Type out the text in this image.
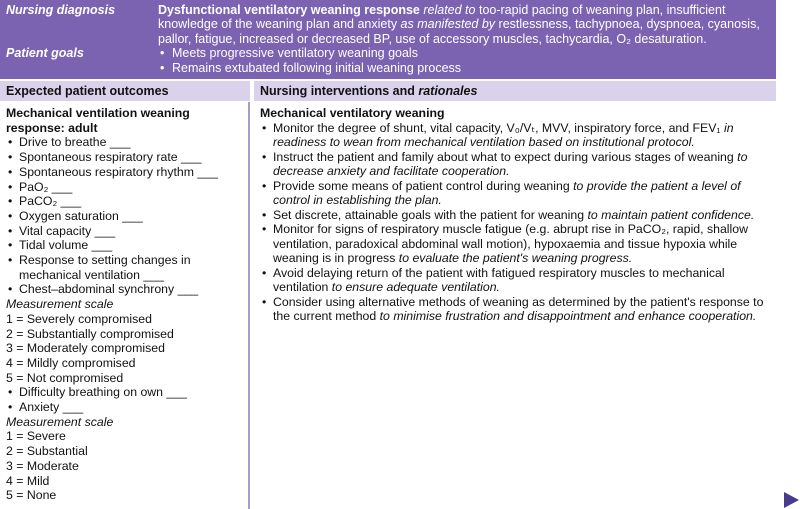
Nursing diagnosis	Dysfunctional ventilatory weaning response related to too-rapid pacing of weaning plan, insufficient knowledge of the weaning plan and anxiety as manifested by restlessness, tachypnoea, dyspnoea, cyanosis, pallor, fatigue, increased or decreased BP, use of accessory muscles, tachycardia, O₂ desaturation.
Patient goals
•	Meets progressive ventilatory weaning goals
• Remains extubated following initial weaning process
Expected patient outcomes	Nursing interventions and rationales
Mechanical ventilation weaning response: adult
• Drive to breathe ___
• Spontaneous respiratory rate ___
• Spontaneous respiratory rhythm ___
• PaO₂ ___
• PaCO₂ ___
• Oxygen saturation ___
• Vital capacity ___
• Tidal volume ___
• Response to setting changes in mechanical ventilation ___
• Chest–abdominal synchrony ___
Measurement scale
1 = Severely compromised
2 = Substantially compromised
3 = Moderately compromised
4 = Mildly compromised
5 = Not compromised
• Difficulty breathing on own ___
• Anxiety ___
Measurement scale
1 = Severe
2 = Substantial
3 = Moderate
4 = Mild
5 = None
Mechanical ventilatory weaning
• Monitor the degree of shunt, vital capacity, V₀/Vₜ, MVV, inspiratory force, and FEV₁ in readiness to wean from mechanical ventilation based on institutional protocol.
• Instruct the patient and family about what to expect during various stages of weaning to decrease anxiety and facilitate cooperation.
• Provide some means of patient control during weaning to provide the patient a level of control in establishing the plan.
• Set discrete, attainable goals with the patient for weaning to maintain patient confidence.
• Monitor for signs of respiratory muscle fatigue (e.g. abrupt rise in PaCO₂, rapid, shallow ventilation, paradoxical abdominal wall motion), hypoxaemia and tissue hypoxia while weaning is in progress to evaluate the patient's weaning progress.
• Avoid delaying return of the patient with fatigued respiratory muscles to mechanical ventilation to ensure adequate ventilation.
• Consider using alternative methods of weaning as determined by the patient's response to the current method to minimise frustration and disappointment and enhance cooperation.
